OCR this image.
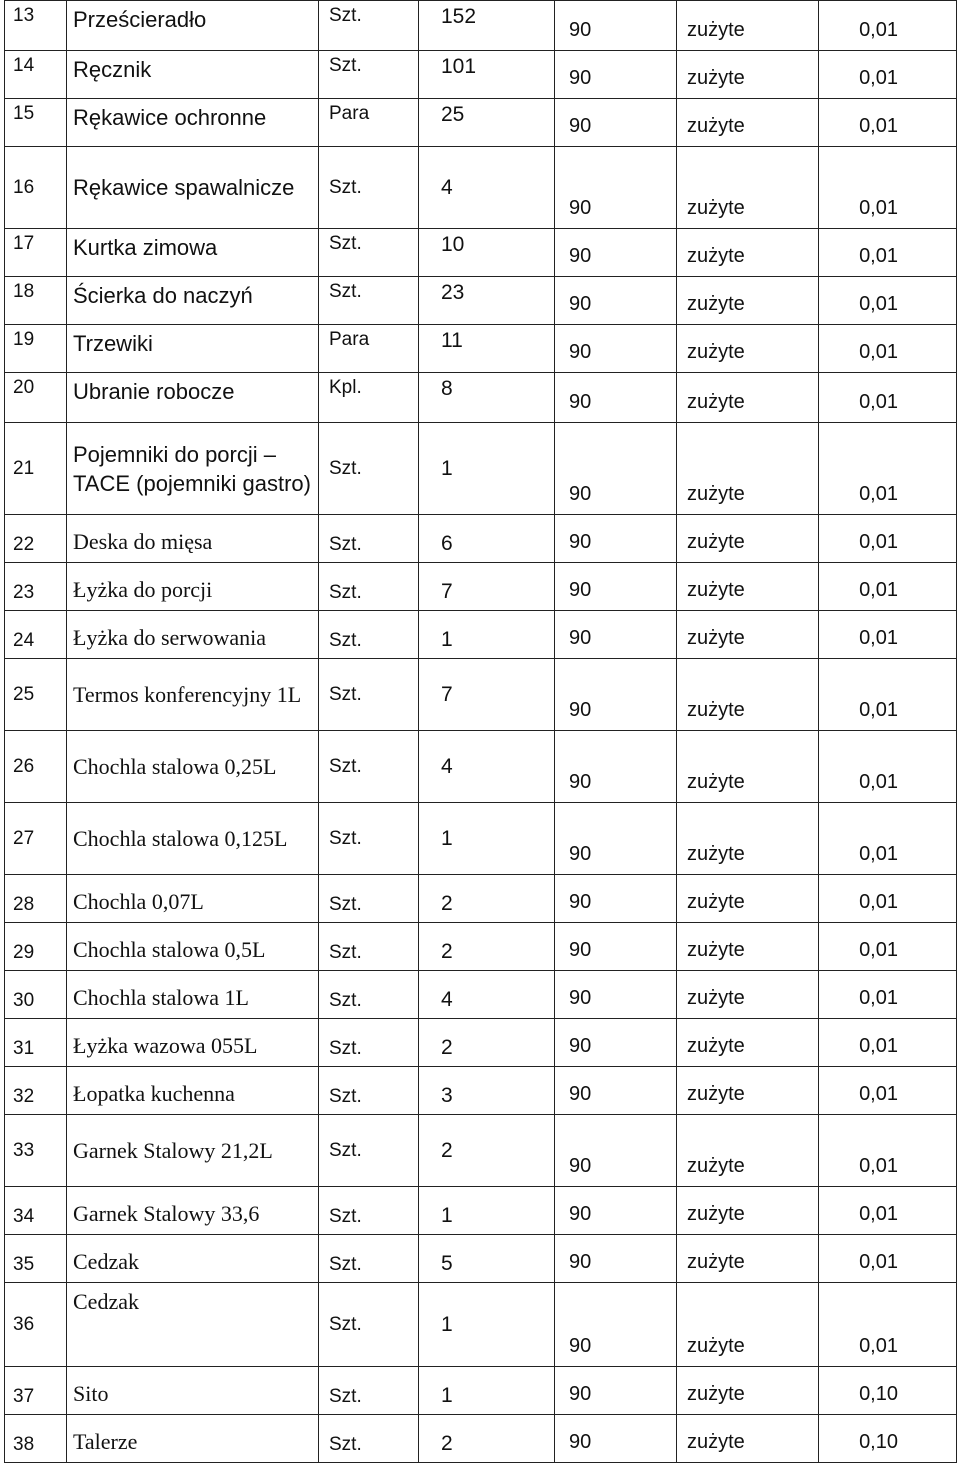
13	Prześcieradło	Szt.	152	90	zużyte	0,01
14	Ręcznik	Szt.	101	90	zużyte	0,01
15	Rękawice ochronne	Para	25	90	zużyte	0,01
16	Rękawice spawalnicze	Szt.	4	90	zużyte	0,01
17	Kurtka zimowa	Szt.	10	90	zużyte	0,01
18	Ścierka do naczyń	Szt.	23	90	zużyte	0,01
19	Trzewiki	Para	11	90	zużyte	0,01
20	Ubranie robocze	Kpl.	8	90	zużyte	0,01
21	Pojemniki do porcji – TACE (pojemniki gastro)	Szt.	1	90	zużyte	0,01
22	Deska do mięsa	Szt.	6	90	zużyte	0,01
23	Łyżka do porcji	Szt.	7	90	zużyte	0,01
24	Łyżka do serwowania	Szt.	1	90	zużyte	0,01
25	Termos konferencyjny 1L	Szt.	7	90	zużyte	0,01
26	Chochla stalowa 0,25L	Szt.	4	90	zużyte	0,01
27	Chochla stalowa 0,125L	Szt.	1	90	zużyte	0,01
28	Chochla 0,07L	Szt.	2	90	zużyte	0,01
29	Chochla stalowa 0,5L	Szt.	2	90	zużyte	0,01
30	Chochla stalowa 1L	Szt.	4	90	zużyte	0,01
31	Łyżka wazowa 055L	Szt.	2	90	zużyte	0,01
32	Łopatka kuchenna	Szt.	3	90	zużyte	0,01
33	Garnek Stalowy 21,2L	Szt.	2	90	zużyte	0,01
34	Garnek Stalowy 33,6	Szt.	1	90	zużyte	0,01
35	Cedzak	Szt.	5	90	zużyte	0,01
36	Cedzak	Szt.	1	90	zużyte	0,01
37	Sito	Szt.	1	90	zużyte	0,10
38	Talerze	Szt.	2	90	zużyte	0,10
